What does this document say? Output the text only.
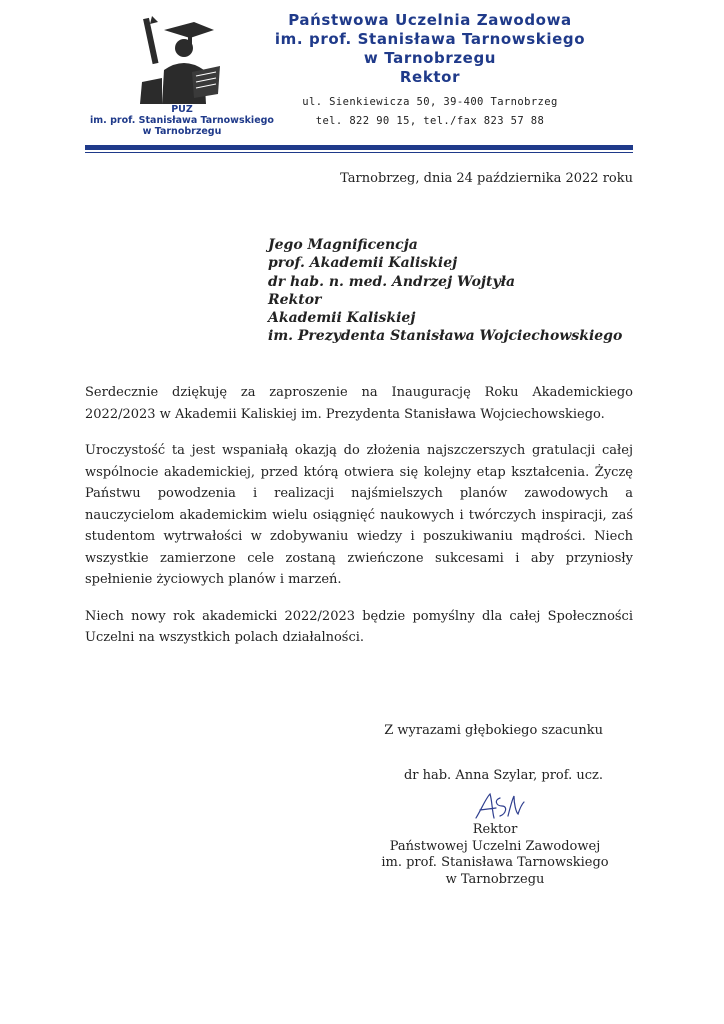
PUZ
im. prof. Stanisława Tarnowskiego
w Tarnobrzegu
Państwowa Uczelnia Zawodowa
im. prof. Stanisława Tarnowskiego
w Tarnobrzegu
Rektor
ul. Sienkiewicza 50, 39-400 Tarnobrzeg
tel. 822 90 15, tel./fax 823 57 88
Tarnobrzeg, dnia 24 października 2022 roku
Jego Magnificencja
prof. Akademii Kaliskiej
dr hab. n. med. Andrzej Wojtyła
Rektor
Akademii Kaliskiej
im. Prezydenta Stanisława Wojciechowskiego

Serdecznie dziękuję za zaproszenie na Inaugurację Roku Akademickiego 2022/2023 w Akademii Kaliskiej im. Prezydenta Stanisława Wojciechowskiego.

Uroczystość ta jest wspaniałą okazją do złożenia najszczerszych gratulacji całej wspólnocie akademickiej, przed którą otwiera się kolejny etap kształcenia. Życzę Państwu powodzenia i realizacji najśmielszych planów zawodowych a nauczycielom akademickim wielu osiągnięć naukowych i twórczych inspiracji, zaś studentom wytrwałości w zdobywaniu wiedzy i poszukiwaniu mądrości. Niech wszystkie zamierzone cele zostaną zwieńczone sukcesami i aby przyniosły spełnienie życiowych planów i marzeń.

Niech nowy rok akademicki 2022/2023 będzie pomyślny dla całej Społeczności Uczelni na wszystkich polach działalności.

Z wyrazami głębokiego szacunku
dr hab. Anna Szylar, prof. ucz.
Rektor
Państwowej Uczelni Zawodowej
im. prof. Stanisława Tarnowskiego
w Tarnobrzegu
